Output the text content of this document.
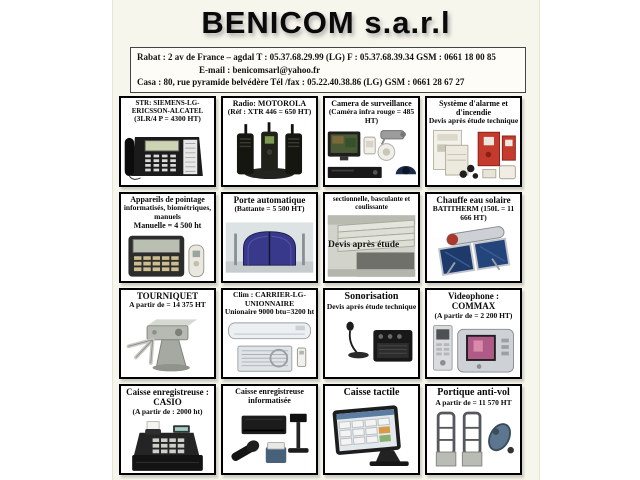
BENICOM s.a.r.l
Rabat : 2 av de France – agdal T : 05.37.68.29.99 (LG) F : 05.37.68.39.34 GSM : 0661 18 00 85
E-mail : benicomsarl@yahoo.fr
Casa : 80, rue pyramide belvédère Tél /fax : 05.22.40.38.86 (LG) GSM : 0661 28 67 27
STR: SIEMENS-LG-ERICSSON-ALCATEL
(3LR/4 P = 4300 HT)
Radio: MOTOROLA
(Réf : XTR 446 = 650 HT)
Camera de surveillance
(Caméra infra rouge = 485 HT)
Système d'alarme et d'incendie
Devis après étude technique
Appareils de pointage
informatisés, biométriques, manuels
Manuelle = 4 500 ht
Porte automatique
(Battante = 5 500 HT)
sectionnelle, basculante et coulissante
Devis après étude
Chauffe eau solaire
BATITHERM (150L = 11 666 HT)
TOURNIQUET
A partir de = 14 375 HT
Clim : CARRIER-LG-UNIONNAIRE
Unionaire 9000 btu=3200 ht
Sonorisation
Devis après étude technique
Videophone : COMMAX
(A partir de = 2 200 HT)
Caisse enregistreuse : CASIO
(A partir de : 2000 ht)
Caisse enregistreuse informatisée
Caisse tactile	Portique anti-vol
A partir de = 11 570 HT
